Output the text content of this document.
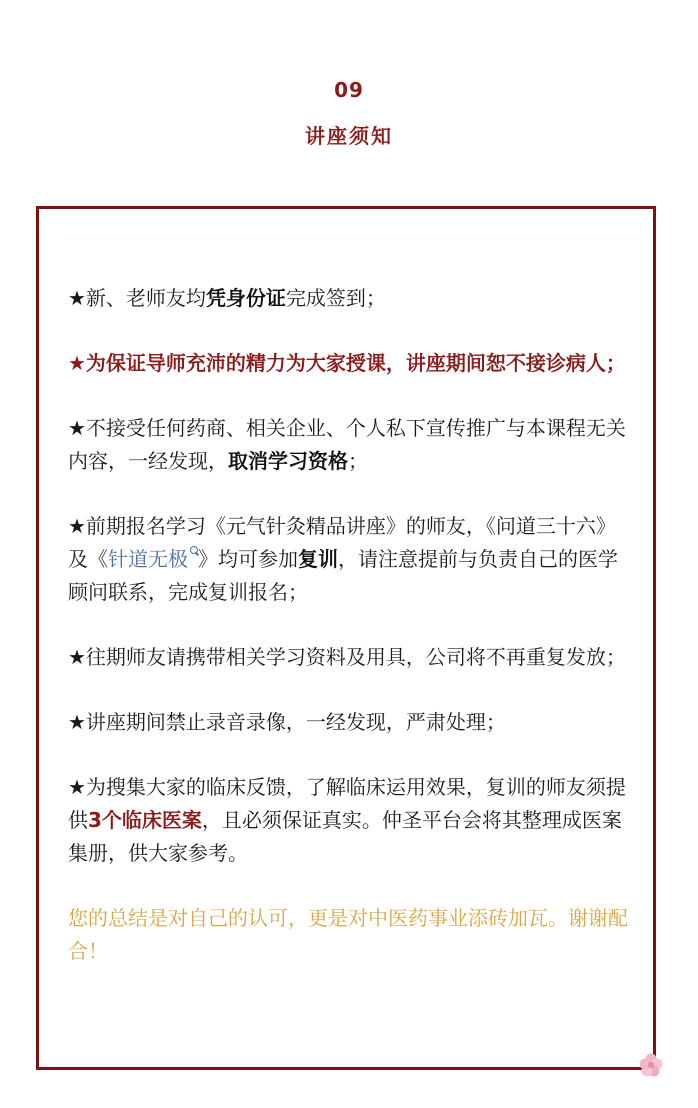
09
讲座须知

★新、老师友均凭身份证完成签到；

★为保证导师充沛的精力为大家授课，讲座期间恕不接诊病人；

★不接受任何药商、相关企业、个人私下宣传推广与本课程无关内容，一经发现，取消学习资格；

★前期报名学习《元气针灸精品讲座》的师友，《问道三十六》及《针道无极 》均可参加复训，请注意提前与负责自己的医学顾问联系，完成复训报名；

★往期师友请携带相关学习资料及用具，公司将不再重复发放；

★讲座期间禁止录音录像，一经发现，严肃处理；

★为搜集大家的临床反馈，了解临床运用效果，复训的师友须提供3个临床医案，且必须保证真实。仲圣平台会将其整理成医案集册，供大家参考。

您的总结是对自己的认可，更是对中医药事业添砖加瓦。谢谢配合！
